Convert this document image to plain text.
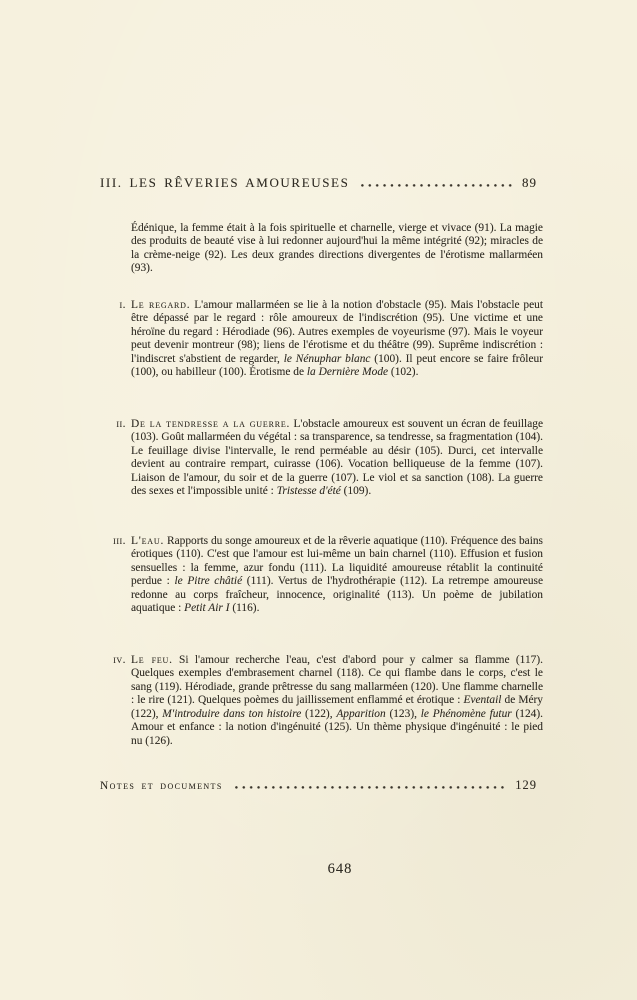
III. LES RÊVERIES AMOUREUSES	89

Édénique, la femme était à la fois spirituelle et charnelle, vierge et vivace (91). La magie des produits de beauté vise à lui redonner aujourd'hui la même intégrité (92); miracles de la crème-neige (92). Les deux grandes directions divergentes de l'érotisme mallarméen (93).

i. Le regard. L'amour mallarméen se lie à la notion d'obstacle (95). Mais l'obstacle peut être dépassé par le regard : rôle amoureux de l'indiscrétion (95). Une victime et une héroïne du regard : Hérodiade (96). Autres exemples de voyeurisme (97). Mais le voyeur peut devenir montreur (98); liens de l'érotisme et du théâtre (99). Suprême indiscrétion : l'indiscret s'abstient de regarder, le Nénuphar blanc (100). Il peut encore se faire frôleur (100), ou habilleur (100). Érotisme de la Dernière Mode (102).

ii. De la tendresse a la guerre. L'obstacle amoureux est souvent un écran de feuillage (103). Goût mallarméen du végétal : sa transparence, sa tendresse, sa fragmentation (104). Le feuillage divise l'intervalle, le rend perméable au désir (105). Durci, cet intervalle devient au contraire rempart, cuirasse (106). Vocation belliqueuse de la femme (107). Liaison de l'amour, du soir et de la guerre (107). Le viol et sa sanction (108). La guerre des sexes et l'impossible unité : Tristesse d'été (109).

iii. L'eau. Rapports du songe amoureux et de la rêverie aquatique (110). Fréquence des bains érotiques (110). C'est que l'amour est lui-même un bain charnel (110). Effusion et fusion sensuelles : la femme, azur fondu (111). La liquidité amoureuse rétablit la continuité perdue : le Pitre châtié (111). Vertus de l'hydrothérapie (112). La retrempe amoureuse redonne au corps fraîcheur, innocence, originalité (113). Un poème de jubilation aquatique : Petit Air I (116).

iv. Le feu. Si l'amour recherche l'eau, c'est d'abord pour y calmer sa flamme (117). Quelques exemples d'embrasement charnel (118). Ce qui flambe dans le corps, c'est le sang (119). Hérodiade, grande prêtresse du sang mallarméen (120). Une flamme charnelle : le rire (121). Quelques poèmes du jaillissement enflammé et érotique : Eventail de Méry (122), M'introduire dans ton histoire (122), Apparition (123), le Phénomène futur (124). Amour et enfance : la notion d'ingénuité (125). Un thème physique d'ingénuité : le pied nu (126).

Notes et documents	129
648
